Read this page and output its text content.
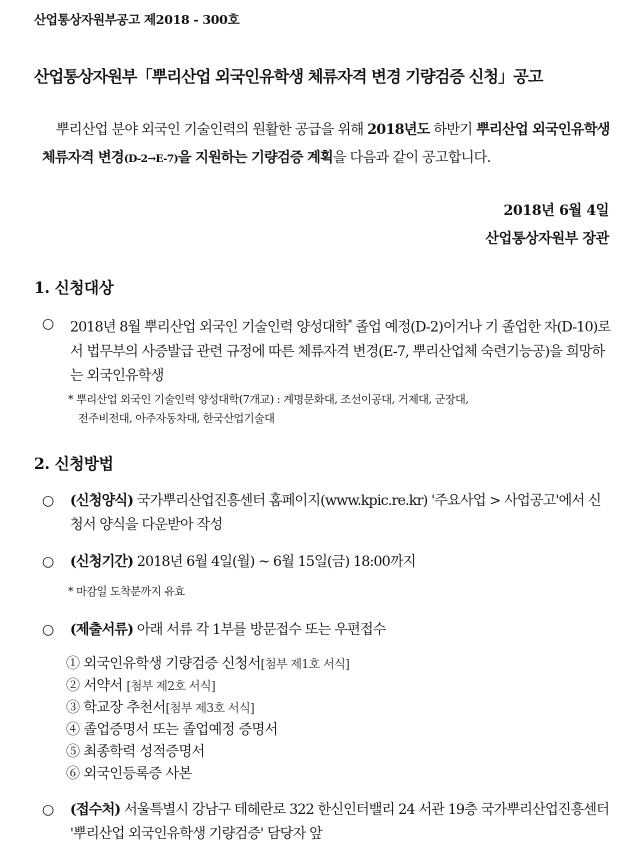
산업통상자원부공고 제2018 - 300호
산업통상자원부「뿌리산업 외국인유학생 체류자격 변경 기량검증 신청」공고
뿌리산업 분야 외국인 기술인력의 원활한 공급을 위해 2018년도 하반기 뿌리산업 외국인유학생 체류자격 변경(D-2→E-7)을 지원하는 기량검증 계획을 다음과 같이 공고합니다.
2018년 6월 4일
산업통상자원부 장관
1. 신청대상
○ 2018년 8월 뿌리산업 외국인 기술인력 양성대학* 졸업 예정(D-2)이거나 기 졸업한 자(D-10)로서 법무부의 사증발급 관련 규정에 따른 체류자격 변경(E-7, 뿌리산업체 숙련기능공)을 희망하는 외국인유학생
* 뿌리산업 외국인 기술인력 양성대학(7개교) : 계명문화대, 조선이공대, 거제대, 군장대,
전주비전대, 아주자동차대, 한국산업기술대
2. 신청방법
○ (신청양식) 국가뿌리산업진흥센터 홈페이지(www.kpic.re.kr) '주요사업 > 사업공고'에서 신청서 양식을 다운받아 작성
○ (신청기간) 2018년 6월 4일(월) ~ 6월 15일(금) 18:00까지
* 마감일 도착분까지 유효
○ (제출서류) 아래 서류 각 1부를 방문접수 또는 우편접수
① 외국인유학생 기량검증 신청서[첨부 제1호 서식]
② 서약서 [첨부 제2호 서식]
③ 학교장 추천서[첨부 제3호 서식]
④ 졸업증명서 또는 졸업예정 증명서
⑤ 최종학력 성적증명서
⑥ 외국인등록증 사본
○ (접수처) 서울특별시 강남구 테헤란로 322 한신인터밸리 24 서관 19층 국가뿌리산업진흥센터 '뿌리산업 외국인유학생 기량검증' 담당자 앞
